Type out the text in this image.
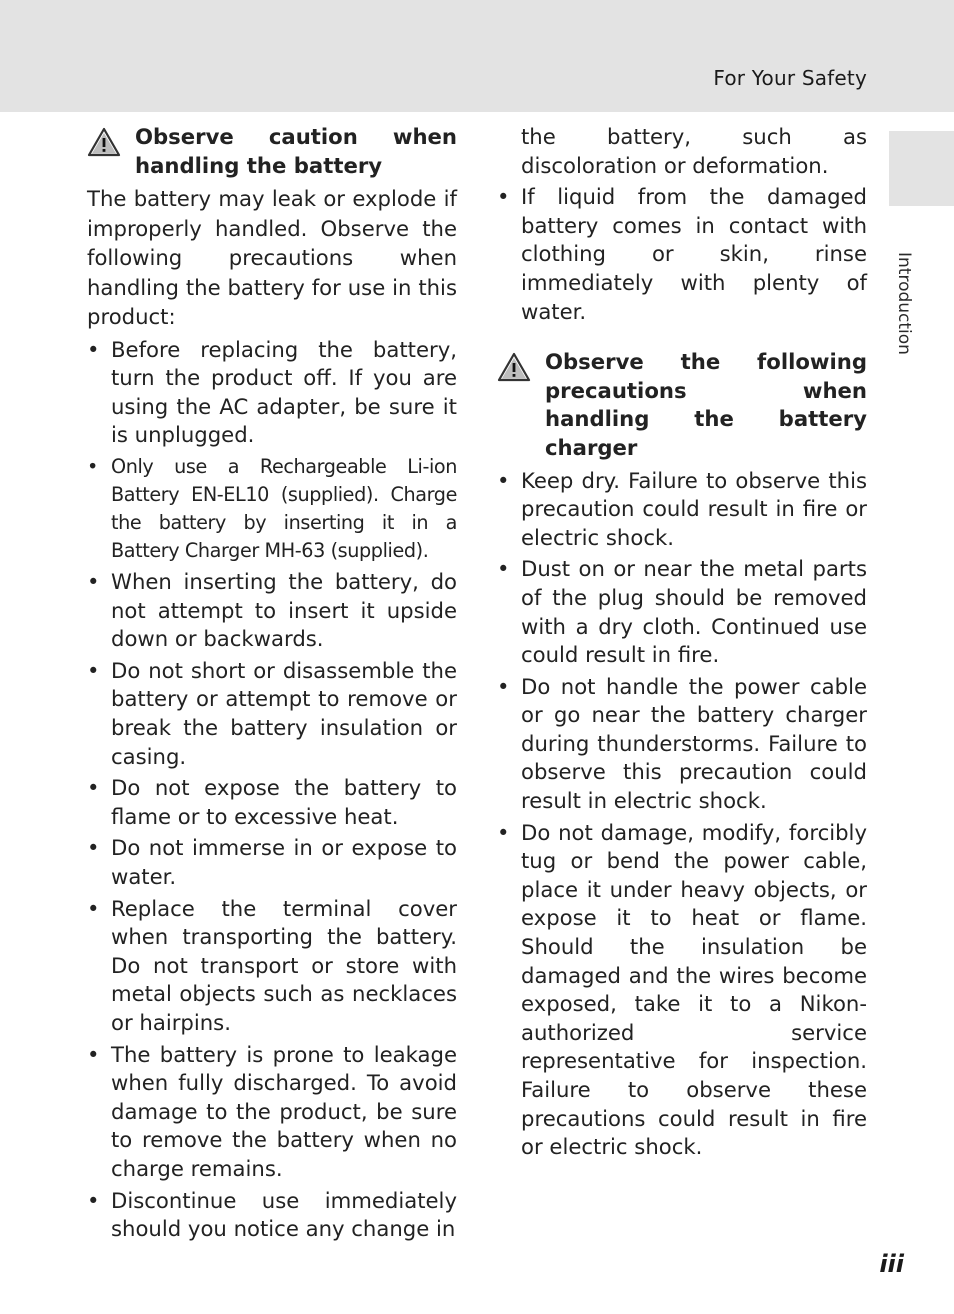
For Your Safety
Introduction
Observe caution when handling the battery

The battery may leak or explode if improperly handled. Observe the following precautions when handling the battery for use in this product:

• Before replacing the battery, turn the product off. If you are using the AC adapter, be sure it is unplugged.
• Only use a Rechargeable Li-ion Battery EN-EL10 (supplied). Charge the battery by inserting it in a Battery Charger MH-63 (supplied).
• When inserting the battery, do not attempt to insert it upside down or backwards.
• Do not short or disassemble the battery or attempt to remove or break the battery insulation or casing.
• Do not expose the battery to flame or to excessive heat.
• Do not immerse in or expose to water.
• Replace the terminal cover when transporting the battery. Do not transport or store with metal objects such as necklaces or hairpins.
• The battery is prone to leakage when fully discharged. To avoid damage to the product, be sure to remove the battery when no charge remains.
• Discontinue use immediately should you notice any change in
the battery, such as discoloration or deformation.
• If liquid from the damaged battery comes in contact with clothing or skin, rinse immediately with plenty of water.
Observe the following precautions when handling the battery charger
• Keep dry. Failure to observe this precaution could result in fire or electric shock.
• Dust on or near the metal parts of the plug should be removed with a dry cloth. Continued use could result in fire.
• Do not handle the power cable or go near the battery charger during thunderstorms. Failure to observe this precaution could result in electric shock.
• Do not damage, modify, forcibly tug or bend the power cable, place it under heavy objects, or expose it to heat or flame. Should the insulation be damaged and the wires become exposed, take it to a Nikon-authorized service representative for inspection. Failure to observe these precautions could result in fire or electric shock.
iii
